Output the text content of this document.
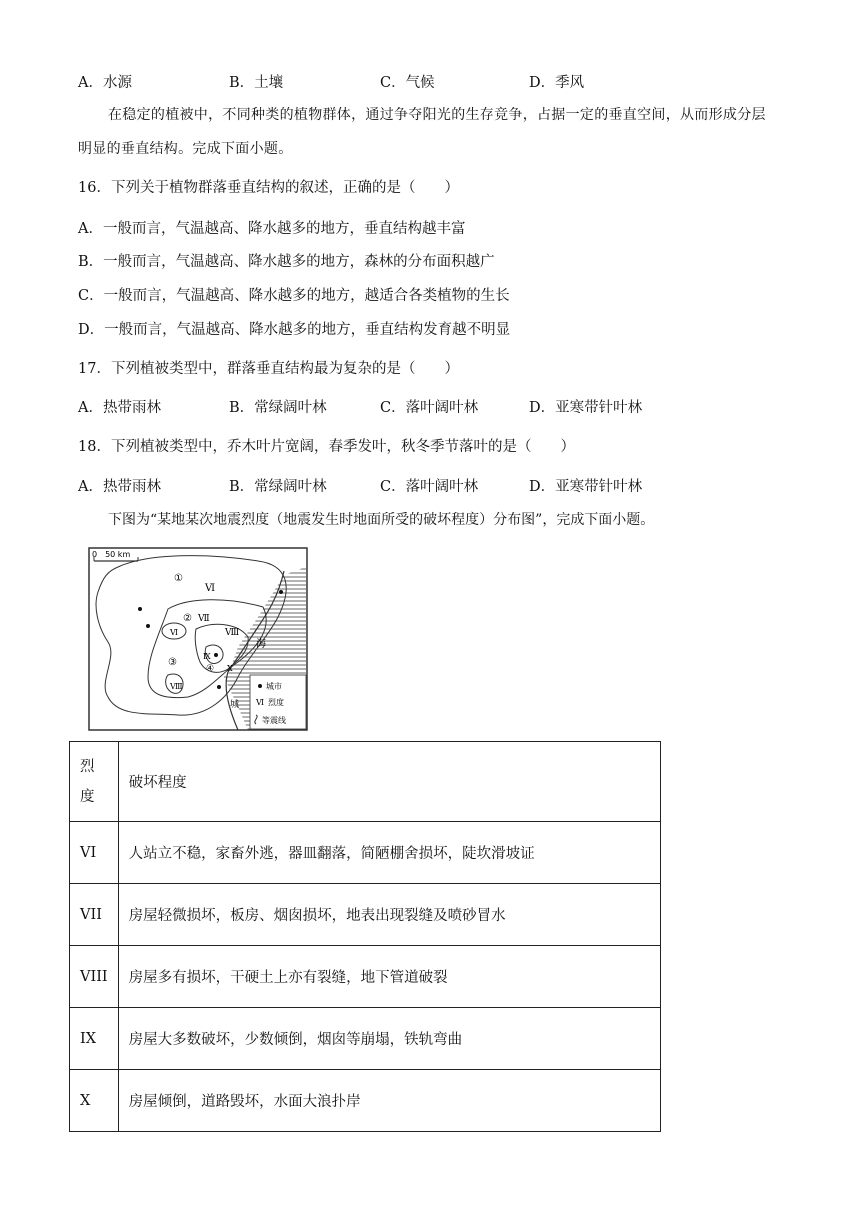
A．水源	B．土壤	C．气候	D．季风
在稳定的植被中，不同种类的植物群体，通过争夺阳光的生存竞争，占据一定的垂直空间，从而形成分层明显的垂直结构。完成下面小题。
16．下列关于植物群落垂直结构的叙述，正确的是（　　）
A．一般而言，气温越高、降水越多的地方，垂直结构越丰富
B．一般而言，气温越高、降水越多的地方，森林的分布面积越广
C．一般而言，气温越高、降水越多的地方，越适合各类植物的生长
D．一般而言，气温越高、降水越多的地方，垂直结构发育越不明显
17．下列植被类型中，群落垂直结构最为复杂的是（　　）
A．热带雨林	B．常绿阔叶林	C．落叶阔叶林	D．亚寒带针叶林
18．下列植被类型中，乔木叶片宽阔，春季发叶，秋冬季节落叶的是（　　）
A．热带雨林	B．常绿阔叶林	C．落叶阔叶林	D．亚寒带针叶林
下图为“某地某次地震烈度（地震发生时地面所受的破坏程度）分布图”，完成下面小题。
0　50 km
Ⅵ
Ⅶ
Ⅷ
Ⅸ
Ⅹ
Ⅵ
Ⅷ
①
②
③
④
海
城
城市
Ⅵ 烈度
等震线
烈
度	破坏程度
VI	人站立不稳，家畜外逃，器皿翻落，简陋棚舍损坏，陡坎滑坡证
VII	房屋轻微损坏，板房、烟囱损坏，地表出现裂缝及喷砂冒水
VIII	房屋多有损坏，干硬土上亦有裂缝，地下管道破裂
IX	房屋大多数破坏，少数倾倒，烟囱等崩塌，铁轨弯曲
X	房屋倾倒，道路毁坏，水面大浪扑岸
